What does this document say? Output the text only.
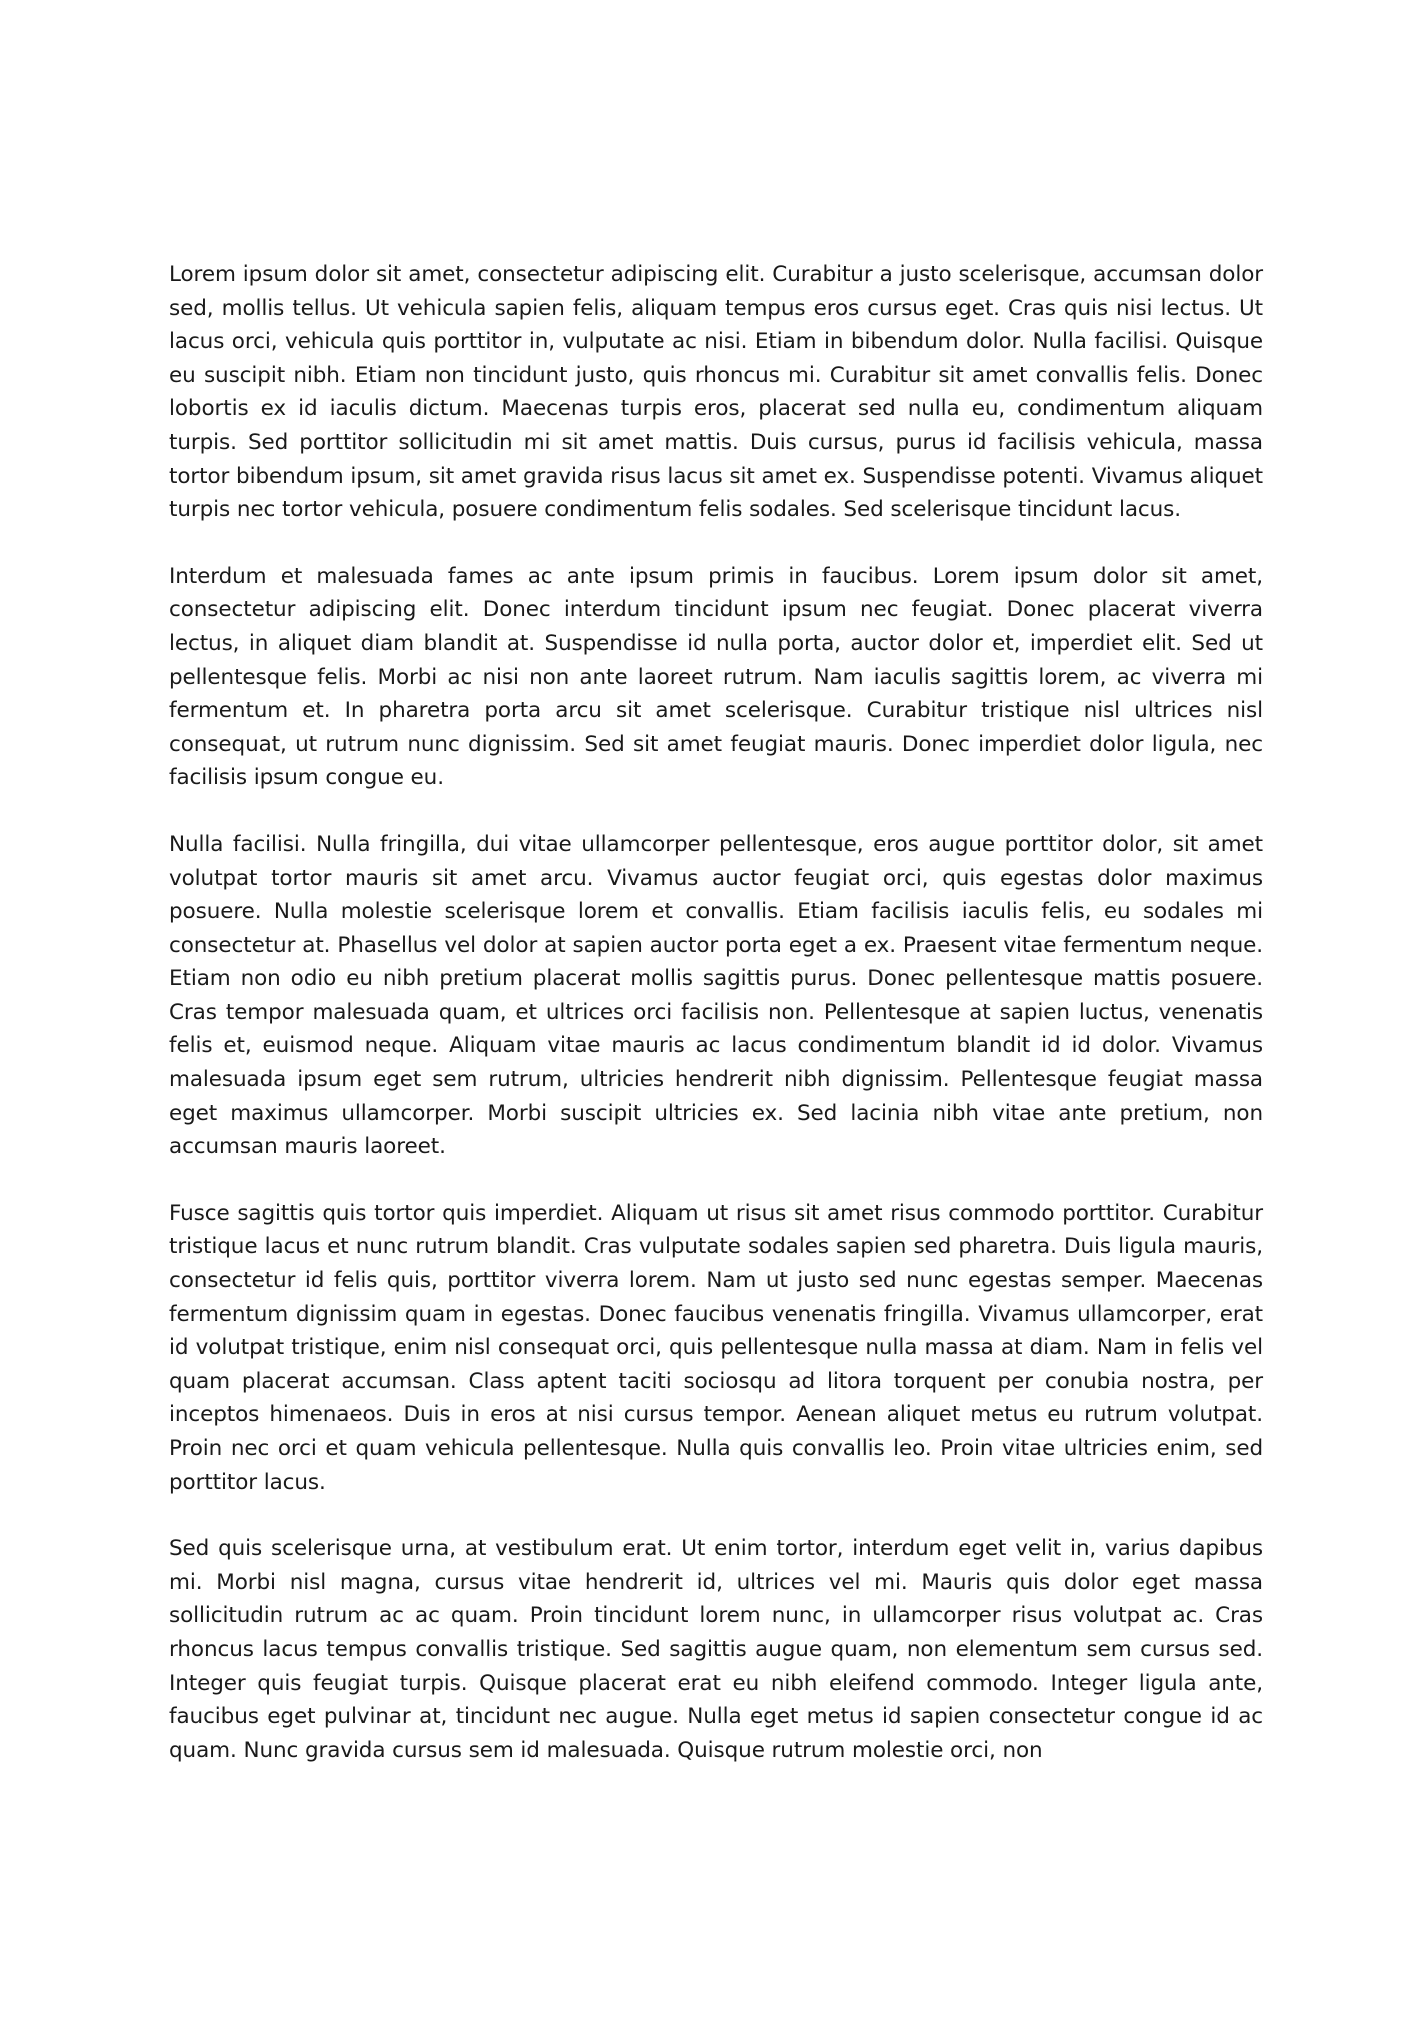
Lorem ipsum dolor sit amet, consectetur adipiscing elit. Curabitur a justo scelerisque, accumsan dolor sed, mollis tellus. Ut vehicula sapien felis, aliquam tempus eros cursus eget. Cras quis nisi lectus. Ut lacus orci, vehicula quis porttitor in, vulputate ac nisi. Etiam in bibendum dolor. Nulla facilisi. Quisque eu suscipit nibh. Etiam non tincidunt justo, quis rhoncus mi. Curabitur sit amet convallis felis. Donec lobortis ex id iaculis dictum. Maecenas turpis eros, placerat sed nulla eu, condimentum aliquam turpis. Sed porttitor sollicitudin mi sit amet mattis. Duis cursus, purus id facilisis vehicula, massa tortor bibendum ipsum, sit amet gravida risus lacus sit amet ex. Suspendisse potenti. Vivamus aliquet turpis nec tortor vehicula, posuere condimentum felis sodales. Sed scelerisque tincidunt lacus.

Interdum et malesuada fames ac ante ipsum primis in faucibus. Lorem ipsum dolor sit amet, consectetur adipiscing elit. Donec interdum tincidunt ipsum nec feugiat. Donec placerat viverra lectus, in aliquet diam blandit at. Suspendisse id nulla porta, auctor dolor et, imperdiet elit. Sed ut pellentesque felis. Morbi ac nisi non ante laoreet rutrum. Nam iaculis sagittis lorem, ac viverra mi fermentum et. In pharetra porta arcu sit amet scelerisque. Curabitur tristique nisl ultrices nisl consequat, ut rutrum nunc dignissim. Sed sit amet feugiat mauris. Donec imperdiet dolor ligula, nec facilisis ipsum congue eu.

Nulla facilisi. Nulla fringilla, dui vitae ullamcorper pellentesque, eros augue porttitor dolor, sit amet volutpat tortor mauris sit amet arcu. Vivamus auctor feugiat orci, quis egestas dolor maximus posuere. Nulla molestie scelerisque lorem et convallis. Etiam facilisis iaculis felis, eu sodales mi consectetur at. Phasellus vel dolor at sapien auctor porta eget a ex. Praesent vitae fermentum neque. Etiam non odio eu nibh pretium placerat mollis sagittis purus. Donec pellentesque mattis posuere. Cras tempor malesuada quam, et ultrices orci facilisis non. Pellentesque at sapien luctus, venenatis felis et, euismod neque. Aliquam vitae mauris ac lacus condimentum blandit id id dolor. Vivamus malesuada ipsum eget sem rutrum, ultricies hendrerit nibh dignissim. Pellentesque feugiat massa eget maximus ullamcorper. Morbi suscipit ultricies ex. Sed lacinia nibh vitae ante pretium, non accumsan mauris laoreet.

Fusce sagittis quis tortor quis imperdiet. Aliquam ut risus sit amet risus commodo porttitor. Curabitur tristique lacus et nunc rutrum blandit. Cras vulputate sodales sapien sed pharetra. Duis ligula mauris, consectetur id felis quis, porttitor viverra lorem. Nam ut justo sed nunc egestas semper. Maecenas fermentum dignissim quam in egestas. Donec faucibus venenatis fringilla. Vivamus ullamcorper, erat id volutpat tristique, enim nisl consequat orci, quis pellentesque nulla massa at diam. Nam in felis vel quam placerat accumsan. Class aptent taciti sociosqu ad litora torquent per conubia nostra, per inceptos himenaeos. Duis in eros at nisi cursus tempor. Aenean aliquet metus eu rutrum volutpat. Proin nec orci et quam vehicula pellentesque. Nulla quis convallis leo. Proin vitae ultricies enim, sed porttitor lacus.

Sed quis scelerisque urna, at vestibulum erat. Ut enim tortor, interdum eget velit in, varius dapibus mi. Morbi nisl magna, cursus vitae hendrerit id, ultrices vel mi. Mauris quis dolor eget massa sollicitudin rutrum ac ac quam. Proin tincidunt lorem nunc, in ullamcorper risus volutpat ac. Cras rhoncus lacus tempus convallis tristique. Sed sagittis augue quam, non elementum sem cursus sed. Integer quis feugiat turpis. Quisque placerat erat eu nibh eleifend commodo. Integer ligula ante, faucibus eget pulvinar at, tincidunt nec augue. Nulla eget metus id sapien consectetur congue id ac quam. Nunc gravida cursus sem id malesuada. Quisque rutrum molestie orci, non
